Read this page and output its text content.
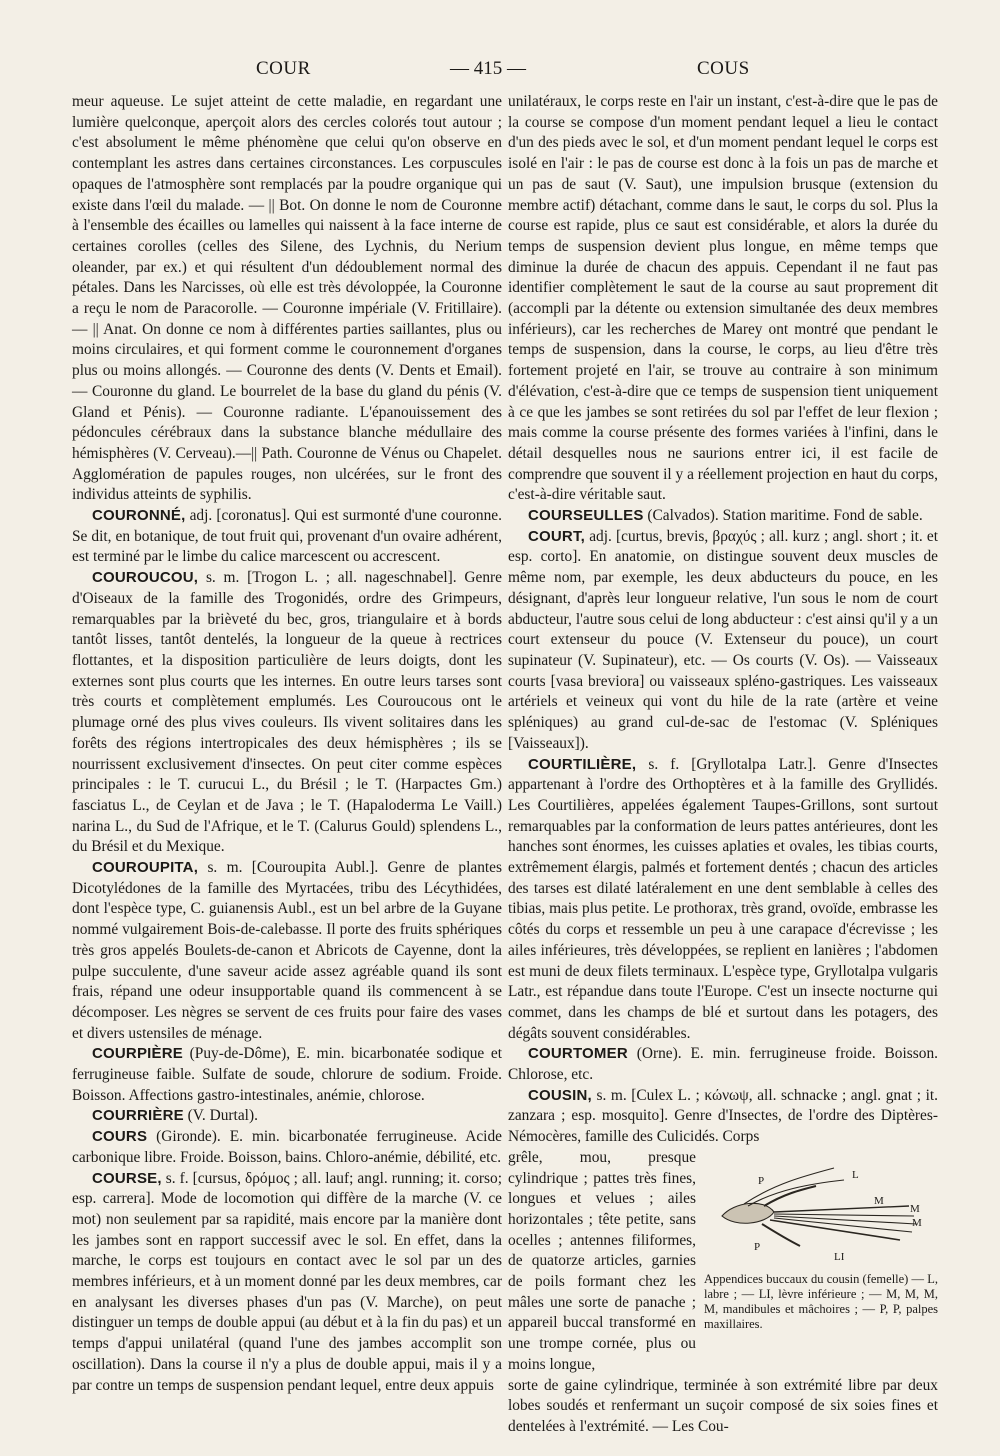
COUR	— 415 —	COUS

meur aqueuse. Le sujet atteint de cette maladie, en regardant une lumière quelconque, aperçoit alors des cercles colorés tout autour ; c'est absolument le même phénomène que celui qu'on observe en contemplant les astres dans certaines circonstances. Les corpuscules opaques de l'atmosphère sont remplacés par la poudre organique qui existe dans l'œil du malade. — || Bot. On donne le nom de Couronne à l'ensemble des écailles ou lamelles qui naissent à la face interne de certaines corolles (celles des Silene, des Lychnis, du Nerium oleander, par ex.) et qui résultent d'un dédoublement normal des pétales. Dans les Narcisses, où elle est très dévoloppée, la Couronne a reçu le nom de Paracorolle. — Couronne impériale (V. Fritillaire). — || Anat. On donne ce nom à différentes parties saillantes, plus ou moins circulaires, et qui forment comme le couronnement d'organes plus ou moins allongés. — Couronne des dents (V. Dents et Email). — Couronne du gland. Le bourrelet de la base du gland du pénis (V. Gland et Pénis). — Couronne radiante. L'épanouissement des pédoncules cérébraux dans la substance blanche médullaire des hémisphères (V. Cerveau).—|| Path. Couronne de Vénus ou Chapelet. Agglomération de papules rouges, non ulcérées, sur le front des individus atteints de syphilis.

COURONNÉ, adj. [coronatus]. Qui est surmonté d'une couronne. Se dit, en botanique, de tout fruit qui, provenant d'un ovaire adhérent, est terminé par le limbe du calice marcescent ou accrescent.

COUROUCOU, s. m. [Trogon L. ; all. nageschnabel]. Genre d'Oiseaux de la famille des Trogonidés, ordre des Grimpeurs, remarquables par la brièveté du bec, gros, triangulaire et à bords tantôt lisses, tantôt dentelés, la longueur de la queue à rectrices flottantes, et la disposition particulière de leurs doigts, dont les externes sont plus courts que les internes. En outre leurs tarses sont très courts et complètement emplumés. Les Couroucous ont le plumage orné des plus vives couleurs. Ils vivent solitaires dans les forêts des régions intertropicales des deux hémisphères ; ils se nourrissent exclusivement d'insectes. On peut citer comme espèces principales : le T. curucui L., du Brésil ; le T. (Harpactes Gm.) fasciatus L., de Ceylan et de Java ; le T. (Hapaloderma Le Vaill.) narina L., du Sud de l'Afrique, et le T. (Calurus Gould) splendens L., du Brésil et du Mexique.

COUROUPITA, s. m. [Couroupita Aubl.]. Genre de plantes Dicotylédones de la famille des Myrtacées, tribu des Lécythidées, dont l'espèce type, C. guianensis Aubl., est un bel arbre de la Guyane nommé vulgairement Bois-de-calebasse. Il porte des fruits sphériques très gros appelés Boulets-de-canon et Abricots de Cayenne, dont la pulpe succulente, d'une saveur acide assez agréable quand ils sont frais, répand une odeur insupportable quand ils commencent à se décomposer. Les nègres se servent de ces fruits pour faire des vases et divers ustensiles de ménage.

COURPIÈRE (Puy-de-Dôme), E. min. bicarbonatée sodique et ferrugineuse faible. Sulfate de soude, chlorure de sodium. Froide. Boisson. Affections gastro-intestinales, anémie, chlorose.

COURRIÈRE (V. Durtal).

COURS (Gironde). E. min. bicarbonatée ferrugineuse. Acide carbonique libre. Froide. Boisson, bains. Chloro-anémie, débilité, etc.

COURSE, s. f. [cursus, δρόμος ; all. lauf; angl. running; it. corso; esp. carrera]. Mode de locomotion qui diffère de la marche (V. ce mot) non seulement par sa rapidité, mais encore par la manière dont les jambes sont en rapport successif avec le sol. En effet, dans la marche, le corps est toujours en contact avec le sol par un des membres inférieurs, et à un moment donné par les deux membres, car en analysant les diverses phases d'un pas (V. Marche), on peut distinguer un temps de double appui (au début et à la fin du pas) et un temps d'appui unilatéral (quand l'une des jambes accomplit son oscillation). Dans la course il n'y a plus de double appui, mais il y a par contre un temps de suspension pendant lequel, entre deux appuis

unilatéraux, le corps reste en l'air un instant, c'est-à-dire que le pas de la course se compose d'un moment pendant lequel a lieu le contact d'un des pieds avec le sol, et d'un moment pendant lequel le corps est isolé en l'air : le pas de course est donc à la fois un pas de marche et un pas de saut (V. Saut), une impulsion brusque (extension du membre actif) détachant, comme dans le saut, le corps du sol. Plus la course est rapide, plus ce saut est considérable, et alors la durée du temps de suspension devient plus longue, en même temps que diminue la durée de chacun des appuis. Cependant il ne faut pas identifier complètement le saut de la course au saut proprement dit (accompli par la détente ou extension simultanée des deux membres inférieurs), car les recherches de Marey ont montré que pendant le temps de suspension, dans la course, le corps, au lieu d'être très fortement projeté en l'air, se trouve au contraire à son minimum d'élévation, c'est-à-dire que ce temps de suspension tient uniquement à ce que les jambes se sont retirées du sol par l'effet de leur flexion ; mais comme la course présente des formes variées à l'infini, dans le détail desquelles nous ne saurions entrer ici, il est facile de comprendre que souvent il y a réellement projection en haut du corps, c'est-à-dire véritable saut.

COURSEULLES (Calvados). Station maritime. Fond de sable.

COURT, adj. [curtus, brevis, βραχύς ; all. kurz ; angl. short ; it. et esp. corto]. En anatomie, on distingue souvent deux muscles de même nom, par exemple, les deux abducteurs du pouce, en les désignant, d'après leur longueur relative, l'un sous le nom de court abducteur, l'autre sous celui de long abducteur : c'est ainsi qu'il y a un court extenseur du pouce (V. Extenseur du pouce), un court supinateur (V. Supinateur), etc. — Os courts (V. Os). — Vaisseaux courts [vasa breviora] ou vaisseaux spléno-gastriques. Les vaisseaux artériels et veineux qui vont du hile de la rate (artère et veine spléniques) au grand cul-de-sac de l'estomac (V. Spléniques [Vaisseaux]).

COURTILIÈRE, s. f. [Gryllotalpa Latr.]. Genre d'Insectes appartenant à l'ordre des Orthoptères et à la famille des Gryllidés. Les Courtilières, appelées également Taupes-Grillons, sont surtout remarquables par la conformation de leurs pattes antérieures, dont les hanches sont énormes, les cuisses aplaties et ovales, les tibias courts, extrêmement élargis, palmés et fortement dentés ; chacun des articles des tarses est dilaté latéralement en une dent semblable à celles des tibias, mais plus petite. Le prothorax, très grand, ovoïde, embrasse les côtés du corps et ressemble un peu à une carapace d'écrevisse ; les ailes inférieures, très développées, se replient en lanières ; l'abdomen est muni de deux filets terminaux. L'espèce type, Gryllotalpa vulgaris Latr., est répandue dans toute l'Europe. C'est un insecte nocturne qui commet, dans les champs de blé et surtout dans les potagers, des dégâts souvent considérables.

COURTOMER (Orne). E. min. ferrugineuse froide. Boisson. Chlorose, etc.

COUSIN, s. m. [Culex L. ; κώνωψ, all. schnacke ; angl. gnat ; it. zanzara ; esp. mosquito]. Genre d'Insectes, de l'ordre des Diptères-Némocères, famille des Culicidés. Corps

grêle, mou, presque cylindrique ; pattes très fines, longues et velues ; ailes horizontales ; tête petite, sans ocelles ; antennes filiformes, de quatorze articles, garnies de poils formant chez les mâles une sorte de panache ; appareil buccal transformé en une trompe cornée, plus ou moins longue,
P	L
M
M
M
P
LI
Appendices buccaux du cousin (femelle) — L, labre ; — LI, lèvre inférieure ; — M, M, M, M, mandibules et mâchoires ; — P, P, palpes maxillaires.

sorte de gaine cylindrique, terminée à son extrémité libre par deux lobes soudés et renfermant un suçoir composé de six soies fines et dentelées à l'extrémité. — Les Cou-
